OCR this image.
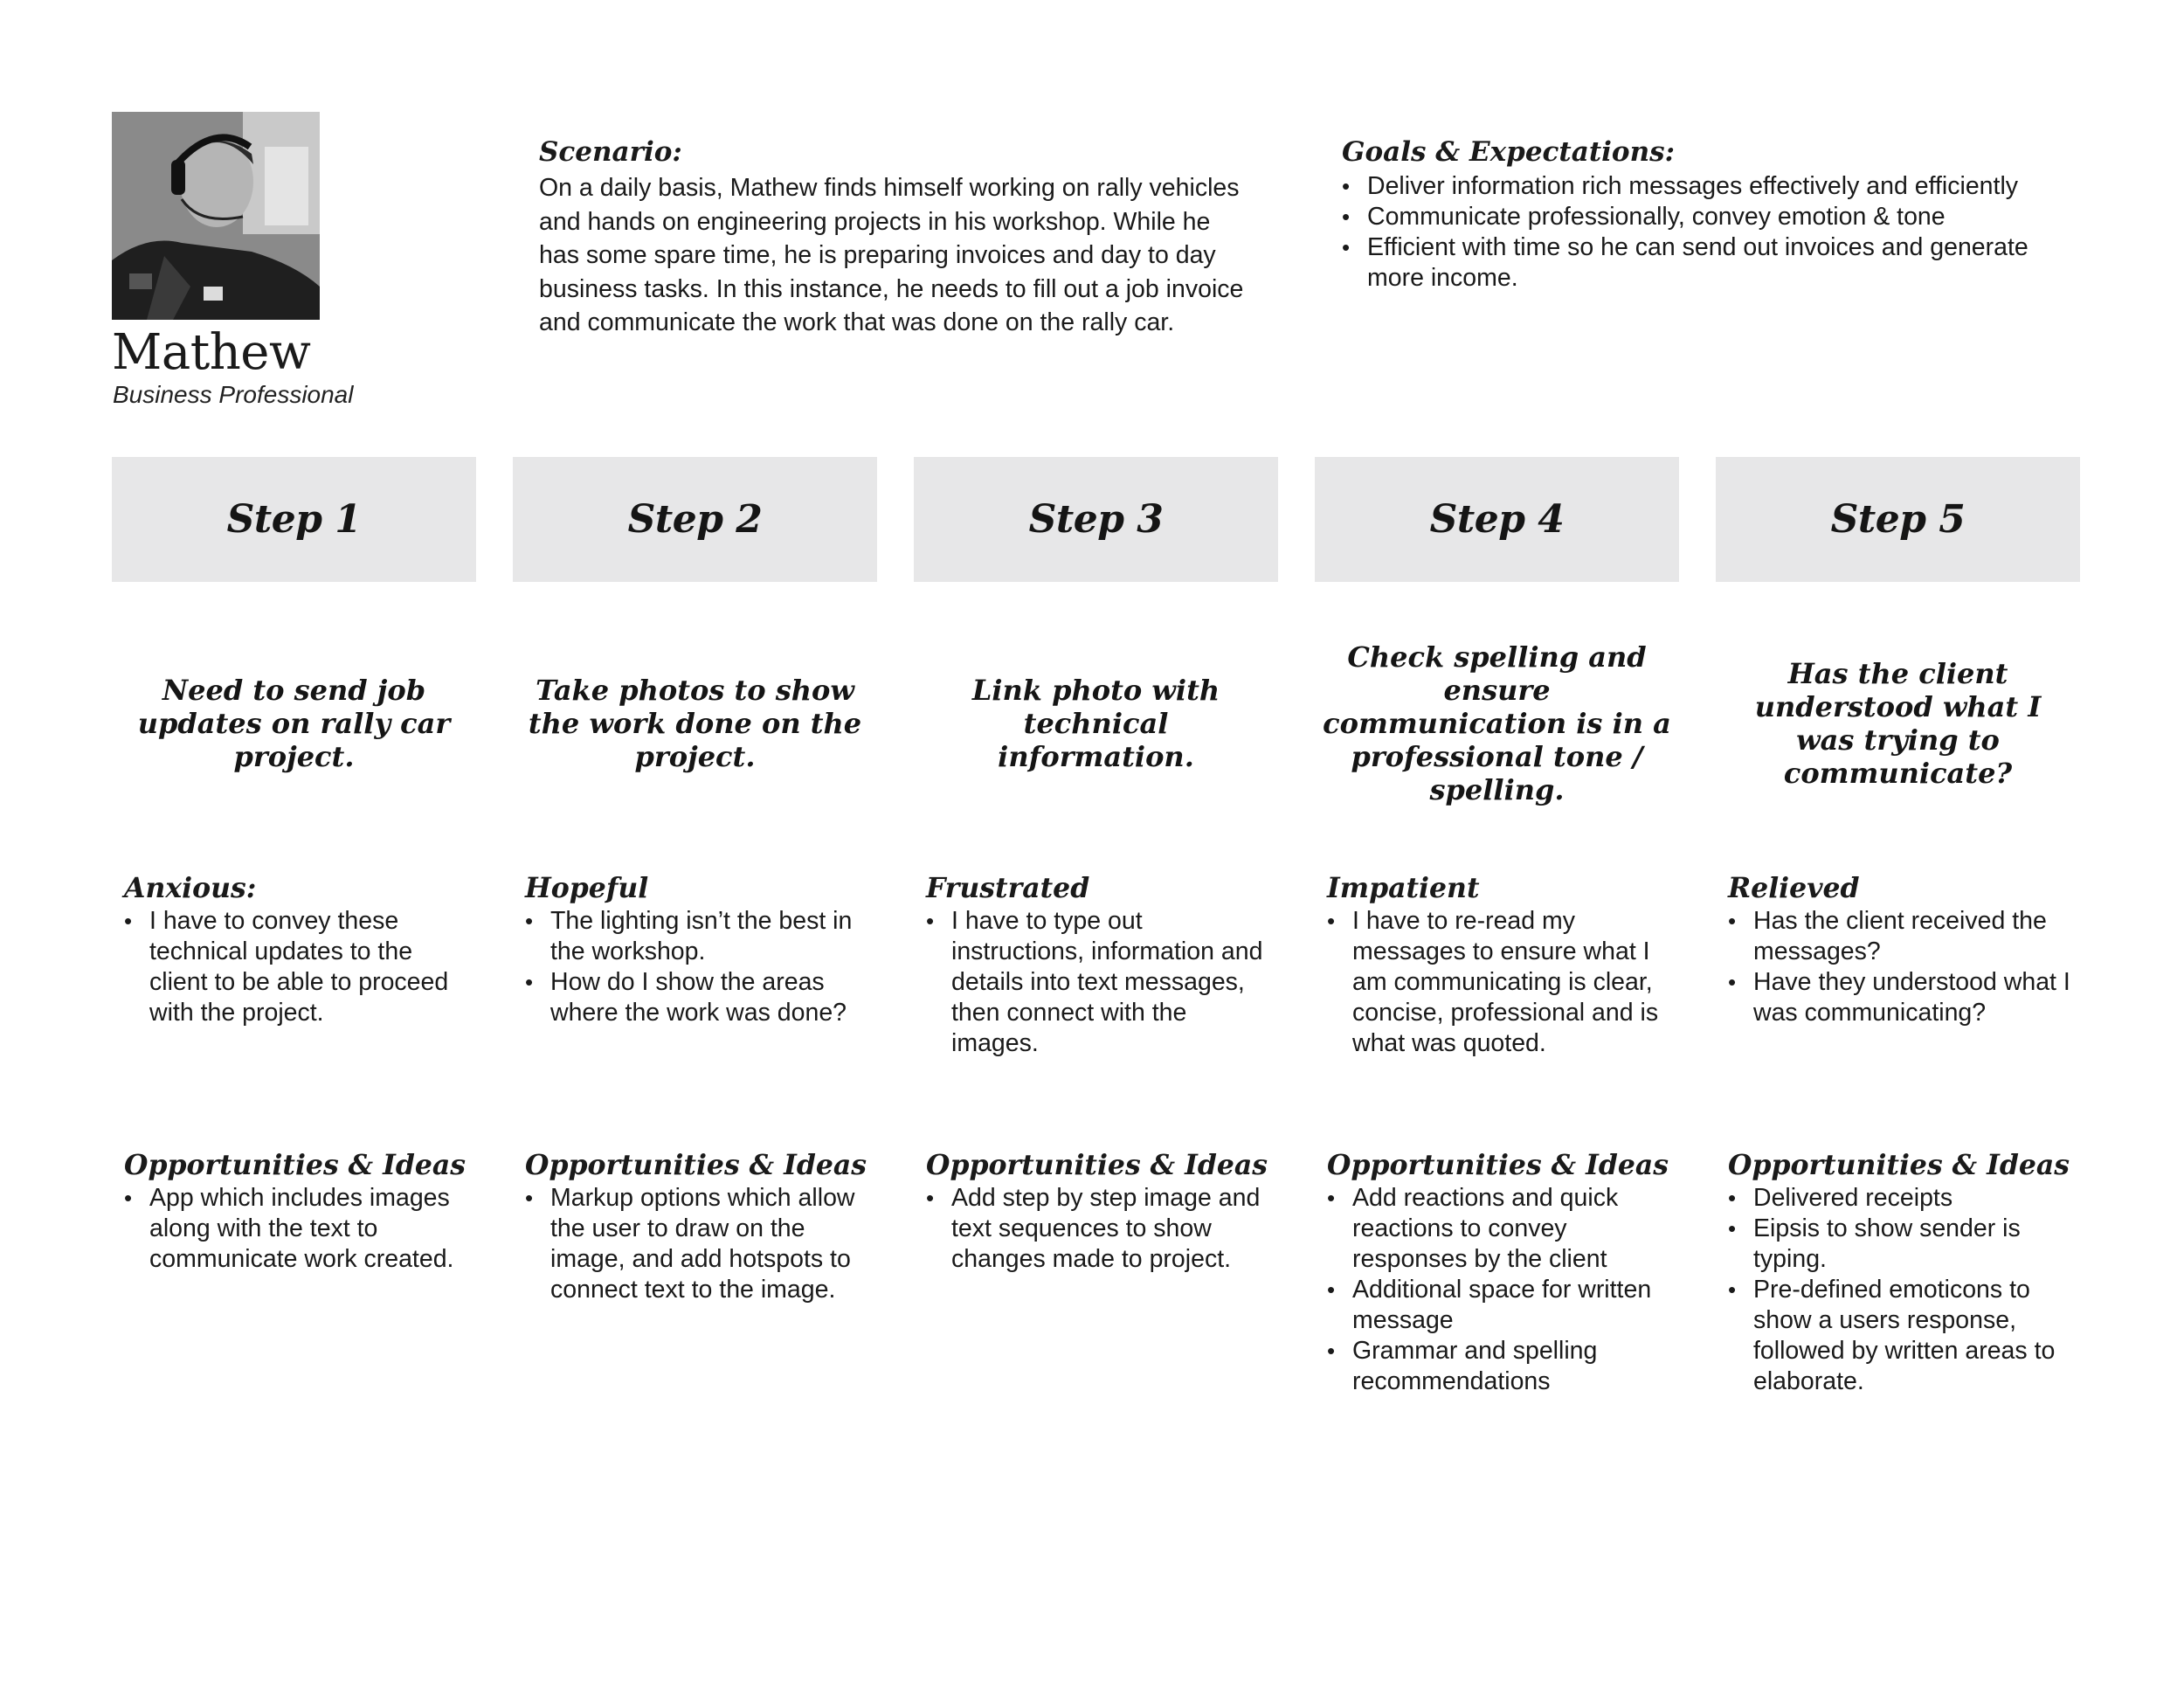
Mathew
Business Professional
Scenario:

On a daily basis, Mathew finds himself working on rally vehicles
and hands on engineering projects in his workshop. While he
has some spare time, he is preparing invoices and day to day
business tasks. In this instance, he needs to fill out a job invoice
and communicate the work that was done on the rally car.

Goals & Expectations:
• Deliver information rich messages effectively and efficiently
• Communicate professionally, convey emotion & tone
• Efficient with time so he can send out invoices and generate more income.
Step 1
Need to send job updates on rally car project.
Anxious:
• I have to convey these technical updates to the client to be able to proceed with the project.
Opportunities & Ideas
• App which includes images along with the text to communicate work created.
Step 2
Take photos to show the work done on the project.
Hopeful
• The lighting isn’t the best in the workshop.
• How do I show the areas where the work was done?
Opportunities & Ideas
• Markup options which allow the user to draw on the image, and add hotspots to connect text to the image.
Step 3
Link photo with technical information.
Frustrated
• I have to type out instructions, information and details into text messages, then connect with the images.
Opportunities & Ideas
• Add step by step image and text sequences to show changes made to project.
Step 4
Check spelling and ensure communication is in a professional tone / spelling.
Impatient
• I have to re-read my messages to ensure what I am communicating is clear, concise, professional and is what was quoted.
Opportunities & Ideas
• Add reactions and quick reactions to convey responses by the client
• Additional space for written message
• Grammar and spelling recommendations
Step 5
Has the client understood what I was trying to communicate?
Relieved
• Has the client received the messages?
• Have they understood what I was communicating?
Opportunities & Ideas
• Delivered receipts
• Eipsis to show sender is typing.
• Pre-defined emoticons to show a users response, followed by written areas to elaborate.
